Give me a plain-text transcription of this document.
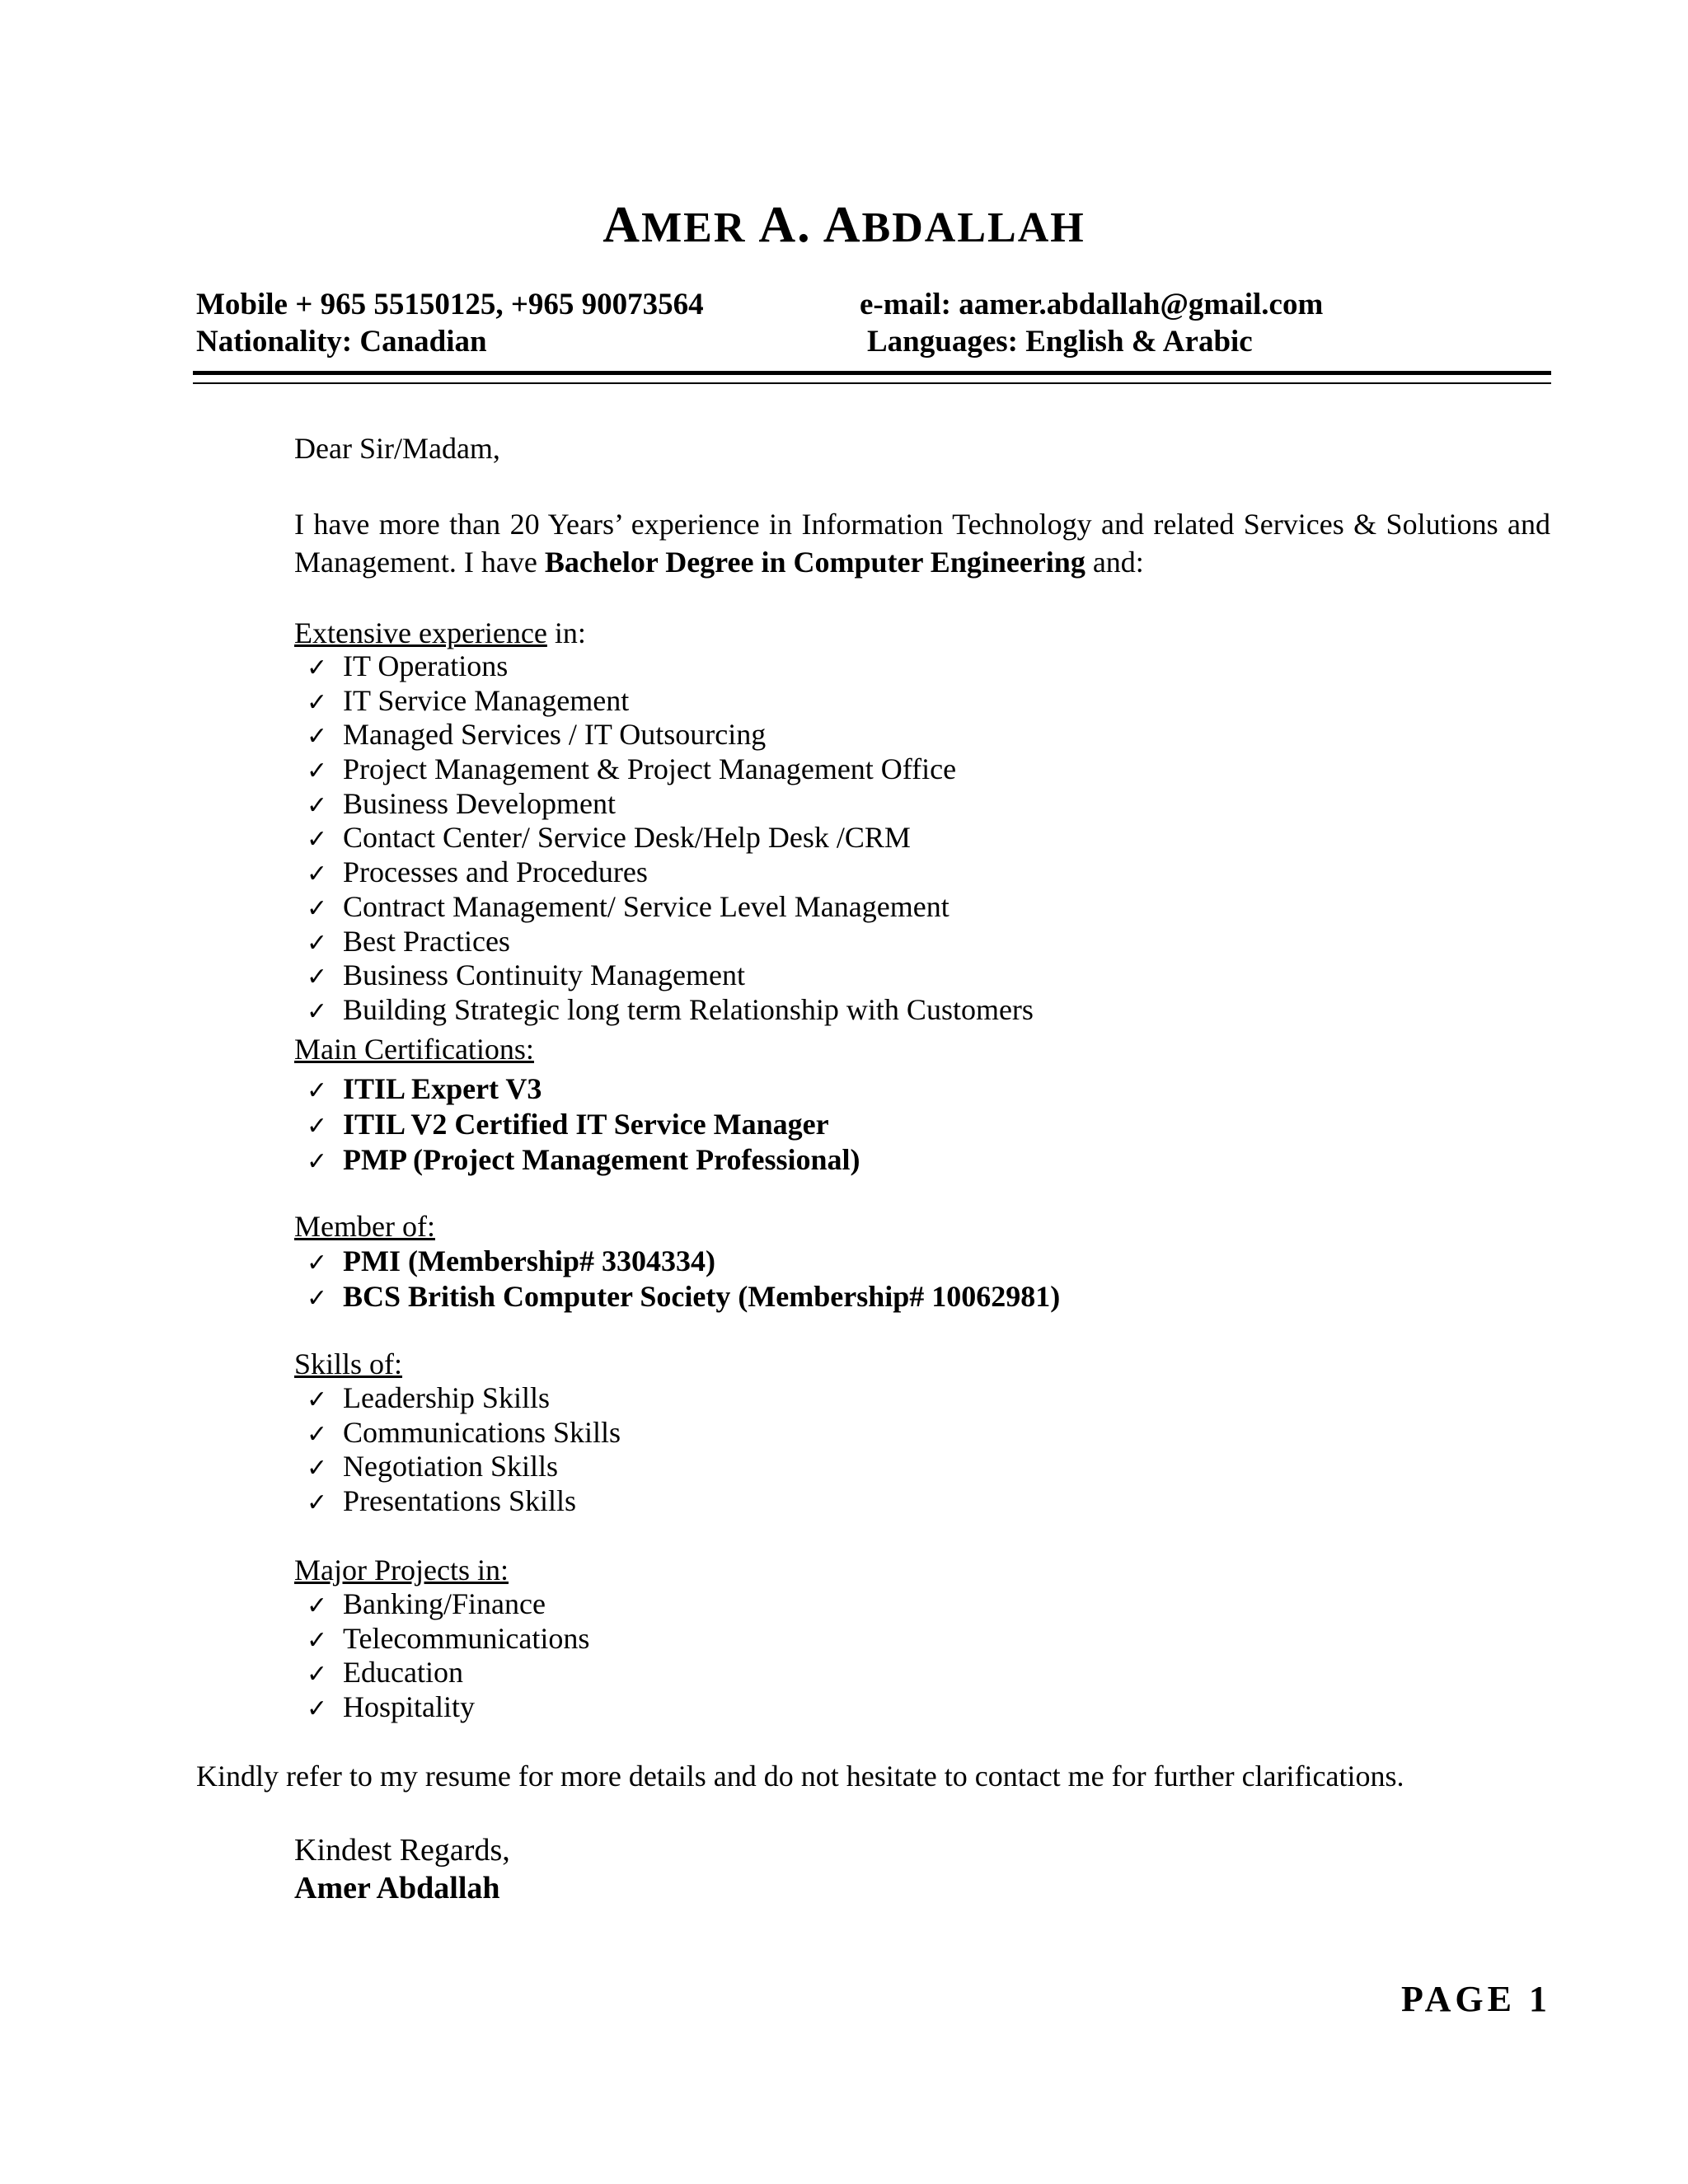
AMER A. ABDALLAH
Mobile + 965 55150125, +965 90073564	e-mail: aamer.abdallah@gmail.com
Nationality: Canadian	Languages: English & Arabic
Dear Sir/Madam,
I have more than 20 Years’ experience in Information Technology and related Services & Solutions and Management. I have Bachelor Degree in Computer Engineering and:
Extensive experience in:
✓ IT Operations
✓ IT Service Management
✓ Managed Services / IT Outsourcing
✓ Project Management & Project Management Office
✓ Business Development
✓ Contact Center/ Service Desk/Help Desk /CRM
✓ Processes and Procedures
✓ Contract Management/ Service Level Management
✓ Best Practices
✓ Business Continuity Management
✓ Building Strategic long term Relationship with Customers
Main Certifications:
✓ ITIL Expert V3
✓ ITIL V2 Certified IT Service Manager
✓ PMP (Project Management Professional)
Member of:
✓ PMI (Membership# 3304334)
✓ BCS British Computer Society (Membership# 10062981)
Skills of:
✓ Leadership Skills
✓ Communications Skills
✓ Negotiation Skills
✓ Presentations Skills
Major Projects in:
✓ Banking/Finance
✓ Telecommunications
✓ Education
✓ Hospitality
Kindly refer to my resume for more details and do not hesitate to contact me for further clarifications.
Kindest Regards,
Amer Abdallah
PAGE 1
